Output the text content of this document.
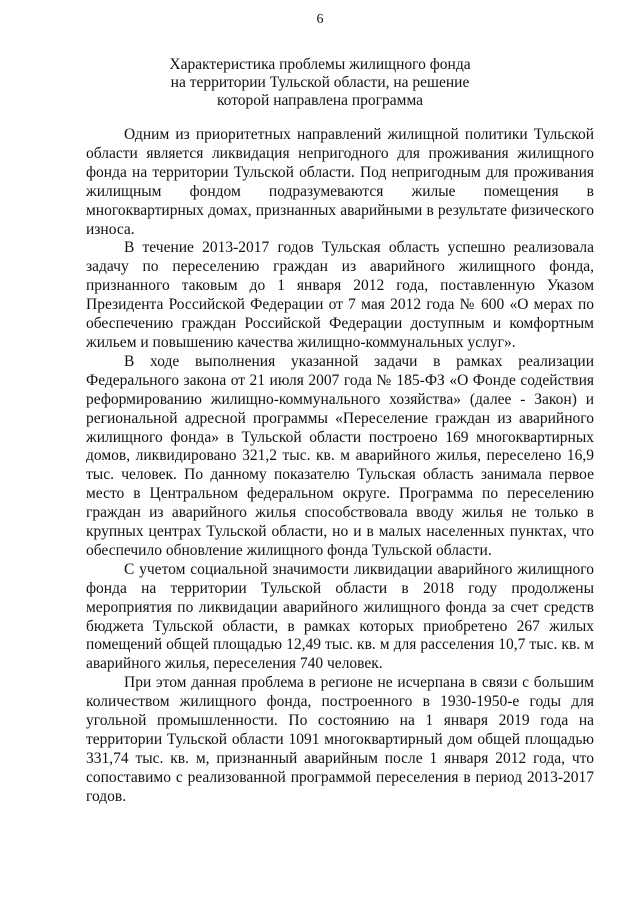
6
Характеристика проблемы жилищного фонда
на территории Тульской области, на решение
которой направлена программа

Одним из приоритетных направлений жилищной политики Тульской области является ликвидация непригодного для проживания жилищного фонда на территории Тульской области. Под непригодным для проживания жилищным фондом подразумеваются жилые помещения в многоквартирных домах, признанных аварийными в результате физического износа.

В течение 2013-2017 годов Тульская область успешно реализовала задачу по переселению граждан из аварийного жилищного фонда, признанного таковым до 1 января 2012 года, поставленную Указом Президента Российской Федерации от 7 мая 2012 года № 600 «О мерах по обеспечению граждан Российской Федерации доступным и комфортным жильем и повышению качества жилищно-коммунальных услуг».

В ходе выполнения указанной задачи в рамках реализации Федерального закона от 21 июля 2007 года № 185-ФЗ «О Фонде содействия реформированию жилищно-коммунального хозяйства» (далее - Закон) и региональной адресной программы «Переселение граждан из аварийного жилищного фонда» в Тульской области построено 169 многоквартирных домов, ликвидировано 321,2 тыс. кв. м аварийного жилья, переселено 16,9 тыс. человек. По данному показателю Тульская область занимала первое место в Центральном федеральном округе. Программа по переселению граждан из аварийного жилья способствовала вводу жилья не только в крупных центрах Тульской области, но и в малых населенных пунктах, что обеспечило обновление жилищного фонда Тульской области.

С учетом социальной значимости ликвидации аварийного жилищного фонда на территории Тульской области в 2018 году продолжены мероприятия по ликвидации аварийного жилищного фонда за счет средств бюджета Тульской области, в рамках которых приобретено 267 жилых помещений общей площадью 12,49 тыс. кв. м для расселения 10,7 тыс. кв. м аварийного жилья, переселения 740 человек.

При этом данная проблема в регионе не исчерпана в связи с большим количеством жилищного фонда, построенного в 1930-1950-е годы для угольной промышленности. По состоянию на 1 января 2019 года на территории Тульской области 1091 многоквартирный дом общей площадью 331,74 тыс. кв. м, признанный аварийным после 1 января 2012 года, что сопоставимо с реализованной программой переселения в период 2013-2017 годов.
